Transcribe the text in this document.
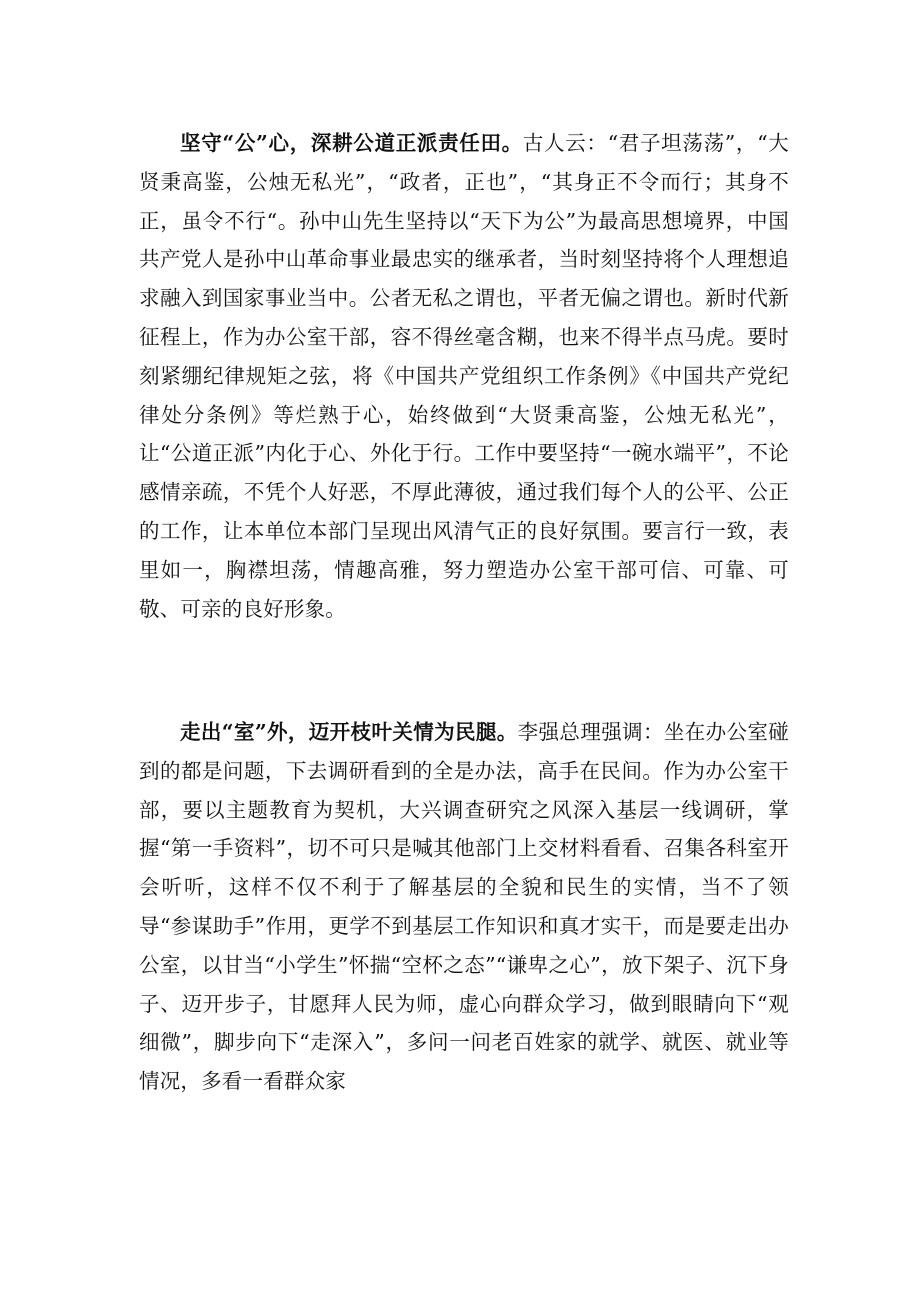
坚守“公”心，深耕公道正派责任田。古人云：“君子坦荡荡”，“大贤秉高鉴，公烛无私光”，“政者，正也”，“其身正不令而行；其身不正，虽令不行“。孙中山先生坚持以“天下为公”为最高思想境界，中国共产党人是孙中山革命事业最忠实的继承者，当时刻坚持将个人理想追求融入到国家事业当中。公者无私之谓也，平者无偏之谓也。新时代新征程上，作为办公室干部，容不得丝毫含糊，也来不得半点马虎。要时刻紧绷纪律规矩之弦，将《中国共产党组织工作条例》《中国共产党纪律处分条例》等烂熟于心，始终做到“大贤秉高鉴，公烛无私光”，让“公道正派”内化于心、外化于行。工作中要坚持“一碗水端平”，不论感情亲疏，不凭个人好恶，不厚此薄彼，通过我们每个人的公平、公正的工作，让本单位本部门呈现出风清气正的良好氛围。要言行一致，表里如一，胸襟坦荡，情趣高雅，努力塑造办公室干部可信、可靠、可敬、可亲的良好形象。

走出“室”外，迈开枝叶关情为民腿。李强总理强调：坐在办公室碰到的都是问题，下去调研看到的全是办法，高手在民间。作为办公室干部，要以主题教育为契机，大兴调查研究之风深入基层一线调研，掌握“第一手资料”，切不可只是喊其他部门上交材料看看、召集各科室开会听听，这样不仅不利于了解基层的全貌和民生的实情，当不了领导“参谋助手”作用，更学不到基层工作知识和真才实干，而是要走出办公室，以甘当“小学生”怀揣“空杯之态”“谦卑之心”，放下架子、沉下身子、迈开步子，甘愿拜人民为师，虚心向群众学习，做到眼睛向下“观细微”，脚步向下“走深入”，多问一问老百姓家的就学、就医、就业等情况，多看一看群众家
